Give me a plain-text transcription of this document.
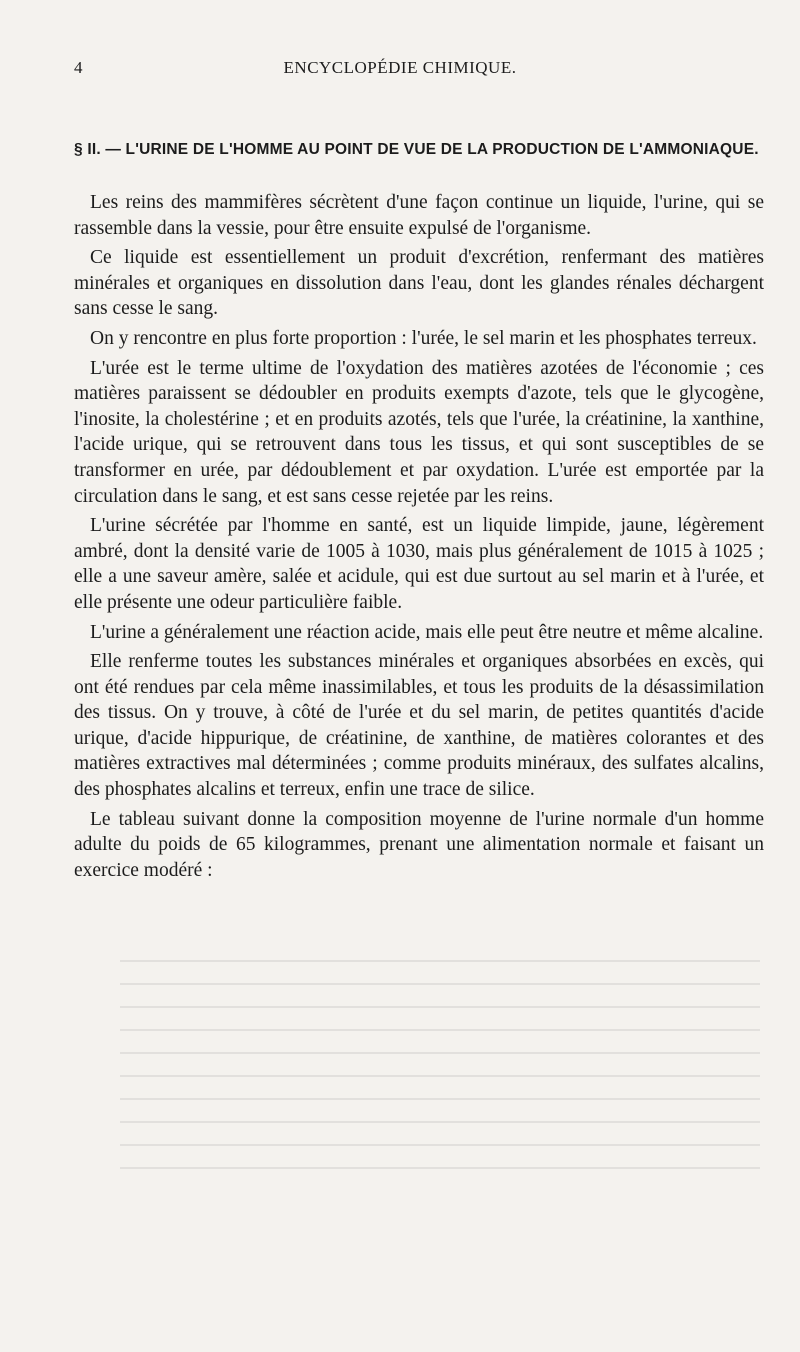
4	ENCYCLOPÉDIE CHIMIQUE.
§ II. — L'URINE DE L'HOMME AU POINT DE VUE DE LA PRODUCTION DE L'AMMONIAQUE.

Les reins des mammifères sécrètent d'une façon continue un liquide, l'urine, qui se rassemble dans la vessie, pour être ensuite expulsé de l'organisme.

Ce liquide est essentiellement un produit d'excrétion, renfermant des matières minérales et organiques en dissolution dans l'eau, dont les glandes rénales déchargent sans cesse le sang.

On y rencontre en plus forte proportion : l'urée, le sel marin et les phosphates terreux.

L'urée est le terme ultime de l'oxydation des matières azotées de l'économie ; ces matières paraissent se dédoubler en produits exempts d'azote, tels que le glycogène, l'inosite, la cholestérine ; et en produits azotés, tels que l'urée, la créatinine, la xanthine, l'acide urique, qui se retrouvent dans tous les tissus, et qui sont susceptibles de se transformer en urée, par dédoublement et par oxydation. L'urée est emportée par la circulation dans le sang, et est sans cesse rejetée par les reins.

L'urine sécrétée par l'homme en santé, est un liquide limpide, jaune, légèrement ambré, dont la densité varie de 1005 à 1030, mais plus généralement de 1015 à 1025 ; elle a une saveur amère, salée et acidule, qui est due surtout au sel marin et à l'urée, et elle présente une odeur particulière faible.

L'urine a généralement une réaction acide, mais elle peut être neutre et même alcaline.

Elle renferme toutes les substances minérales et organiques absorbées en excès, qui ont été rendues par cela même inassimilables, et tous les produits de la désassimilation des tissus. On y trouve, à côté de l'urée et du sel marin, de petites quantités d'acide urique, d'acide hippurique, de créatinine, de xanthine, de matières colorantes et des matières extractives mal déterminées ; comme produits minéraux, des sulfates alcalins, des phosphates alcalins et terreux, enfin une trace de silice.

Le tableau suivant donne la composition moyenne de l'urine normale d'un homme adulte du poids de 65 kilogrammes, prenant une alimentation normale et faisant un exercice modéré :
